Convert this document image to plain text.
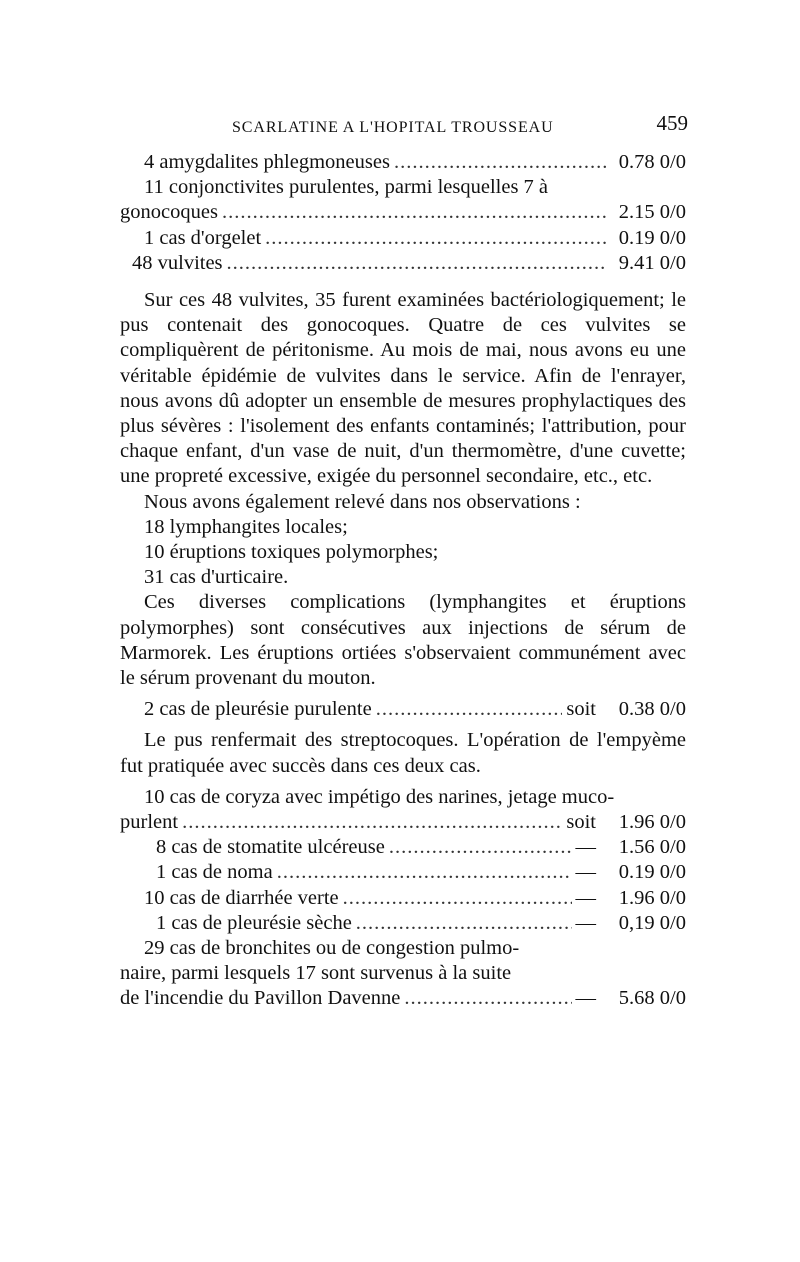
SCARLATINE A L'HOPITAL TROUSSEAU	459
4 amygdalites phlegmoneuses .....	0.78 0/0
11 conjonctivites purulentes, parmi lesquelles 7 à
gonocoques .....	2.15 0/0
1 cas d'orgelet .....	0.19 0/0
48 vulvites .....	9.41 0/0

Sur ces 48 vulvites, 35 furent examinées bactériologiquement; le pus contenait des gonocoques. Quatre de ces vulvites se compliquèrent de péritonisme. Au mois de mai, nous avons eu une véritable épidémie de vulvites dans le service. Afin de l'enrayer, nous avons dû adopter un ensemble de mesures prophylactiques des plus sévères : l'isolement des enfants contaminés; l'attribution, pour chaque enfant, d'un vase de nuit, d'un thermomètre, d'une cuvette; une propreté excessive, exigée du personnel secondaire, etc., etc.

Nous avons également relevé dans nos observations :

18 lymphangites locales;

10 éruptions toxiques polymorphes;

31 cas d'urticaire.

Ces diverses complications (lymphangites et éruptions polymorphes) sont consécutives aux injections de sérum de Marmorek. Les éruptions ortiées s'observaient communément avec le sérum provenant du mouton.

2 cas de pleurésie purulente .....	soit	0.38 0/0

Le pus renfermait des streptocoques. L'opération de l'empyème fut pratiquée avec succès dans ces deux cas.

10 cas de coryza avec impétigo des narines, jetage muco-
purlent .....	soit	1.96 0/0
8 cas de stomatite ulcéreuse .....	—	1.56 0/0
1 cas de noma .....	—	0.19 0/0
10 cas de diarrhée verte .....	—	1.96 0/0
1 cas de pleurésie sèche .....	—	0,19 0/0
29 cas de bronchites ou de congestion pulmo-
naire, parmi lesquels 17 sont survenus à la suite
de l'incendie du Pavillon Davenne .....	—	5.68 0/0
